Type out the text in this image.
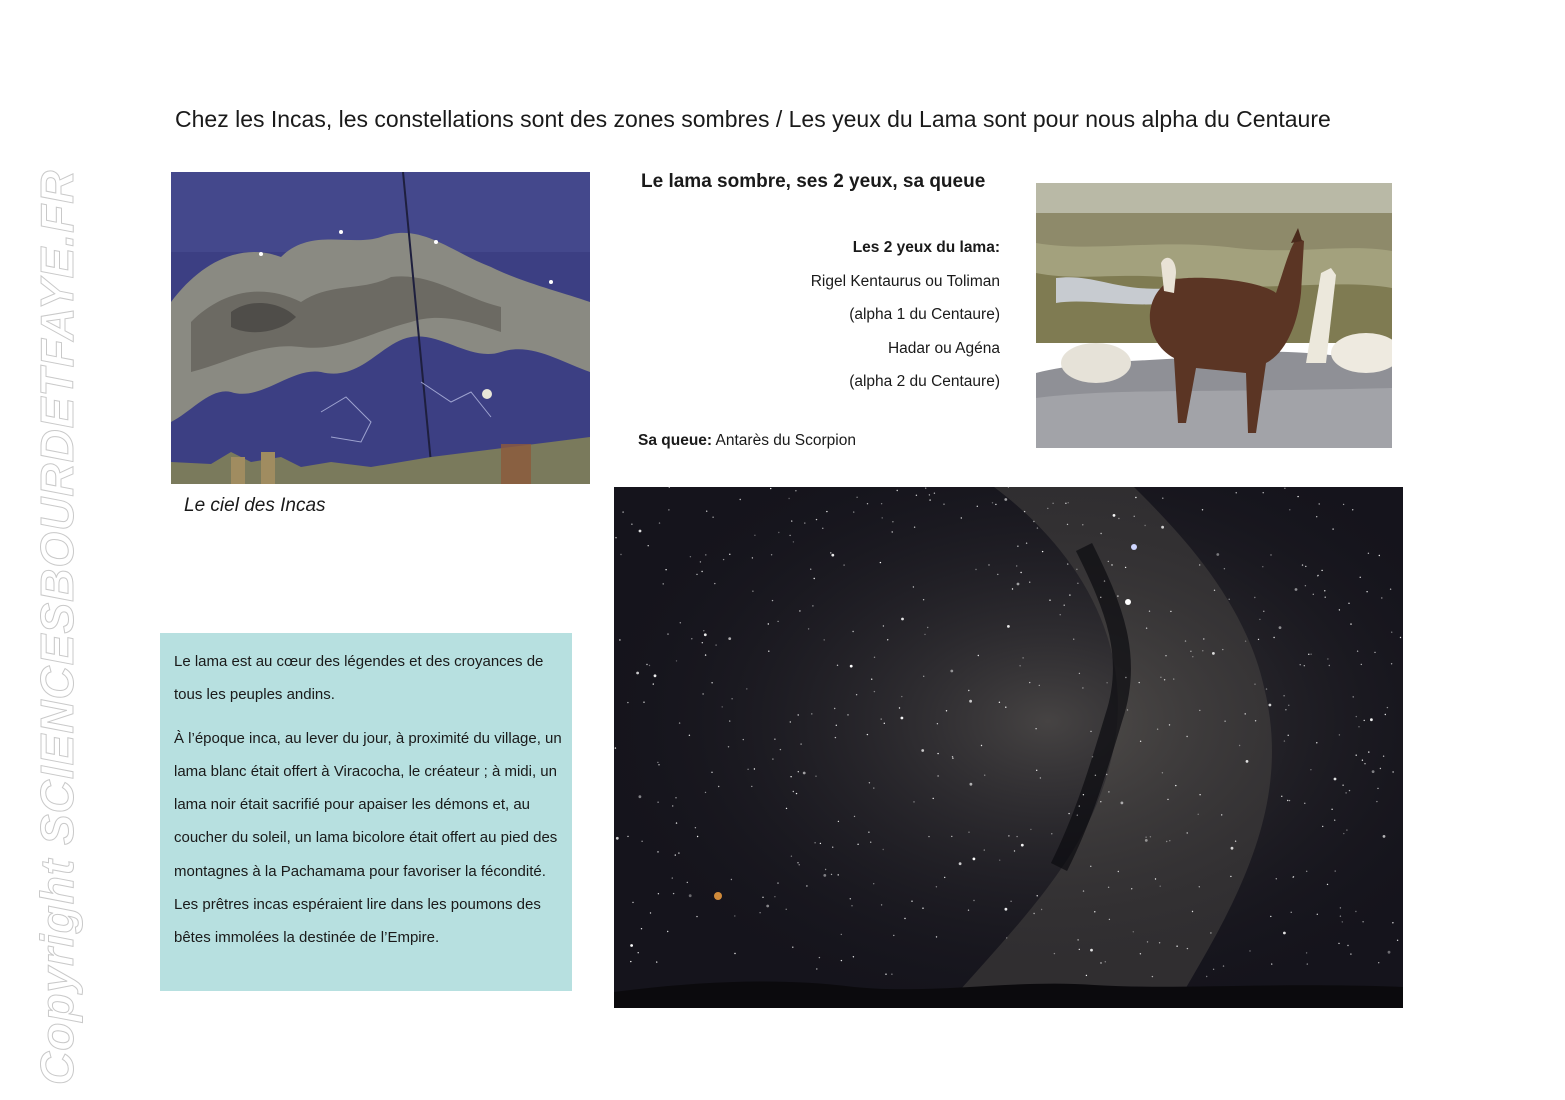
Chez les Incas, les constellations sont des zones sombres / Les yeux du Lama sont pour nous alpha du Centaure
Copyright SCIENCESBOURDETFAYE.FR	Le ciel des Incas
Le lama sombre, ses 2 yeux, sa queue
Les 2 yeux du lama:
Rigel Kentaurus ou Toliman
(alpha 1 du Centaure)
Hadar ou Agéna
(alpha 2 du Centaure)
Sa queue: Antarès du Scorpion

Le lama est au cœur des légendes et des croyances de tous les peuples andins.

À l’époque inca, au lever du jour, à proximité du village, un lama blanc était offert à Viracocha, le créateur ; à midi, un lama noir était sacrifié pour apaiser les démons et, au coucher du soleil, un lama bicolore était offert au pied des montagnes à la Pachamama pour favoriser la fécondité. Les prêtres incas espéraient lire dans les poumons des bêtes immolées la destinée de l’Empire.
